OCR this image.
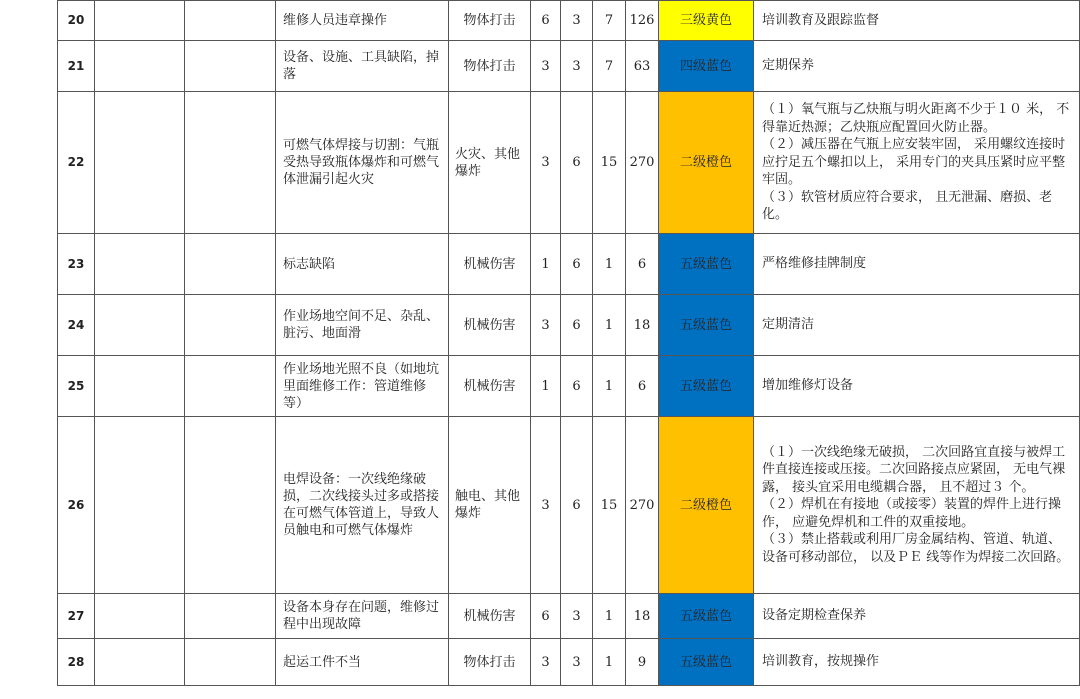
20			维修人员违章操作	物体打击	6	3	7	126	三级黄色	培训教育及跟踪监督

21			设备、设施、工具缺陷，掉落	物体打击	3	3	7	63	四级蓝色	定期保养

22			可燃气体焊接与切割：气瓶受热导致瓶体爆炸和可燃气体泄漏引起火灾	火灾、其他爆炸	3	6	15	270	二级橙色	（１）氧气瓶与乙炔瓶与明火距离不少于１０ 米， 不得靠近热源；乙炔瓶应配置回火防止器。
（２）减压器在气瓶上应安装牢固， 采用螺纹连接时应拧足五个螺扣以上， 采用专门的夹具压紧时应平整牢固。
（３）软管材质应符合要求， 且无泄漏、磨损、老化。

23			标志缺陷	机械伤害	1	6	1	6	五级蓝色	严格维修挂牌制度

24			作业场地空间不足、杂乱、脏污、地面滑	机械伤害	3	6	1	18	五级蓝色	定期清洁

25			作业场地光照不良（如地坑里面维修工作：管道维修等）	机械伤害	1	6	1	6	五级蓝色	增加维修灯设备

26			电焊设备：一次线绝缘破损，二次线接头过多或搭接在可燃气体管道上，导致人员触电和可燃气体爆炸	触电、其他爆炸	3	6	15	270	二级橙色	（１）一次线绝缘无破损， 二次回路宜直接与被焊工件直接连接或压接。二次回路接点应紧固， 无电气裸露， 接头宜采用电缆耦合器， 且不超过３ 个。
（２）焊机在有接地（或接零）装置的焊件上进行操作， 应避免焊机和工件的双重接地。
（３）禁止搭载或利用厂房金属结构、管道、轨道、设备可移动部位， 以及ＰＥ 线等作为焊接二次回路。

27			设备本身存在问题，维修过程中出现故障	机械伤害	6	3	1	18	五级蓝色	设备定期检查保养

28			起运工件不当	物体打击	3	3	1	9	五级蓝色	培训教育，按规操作
